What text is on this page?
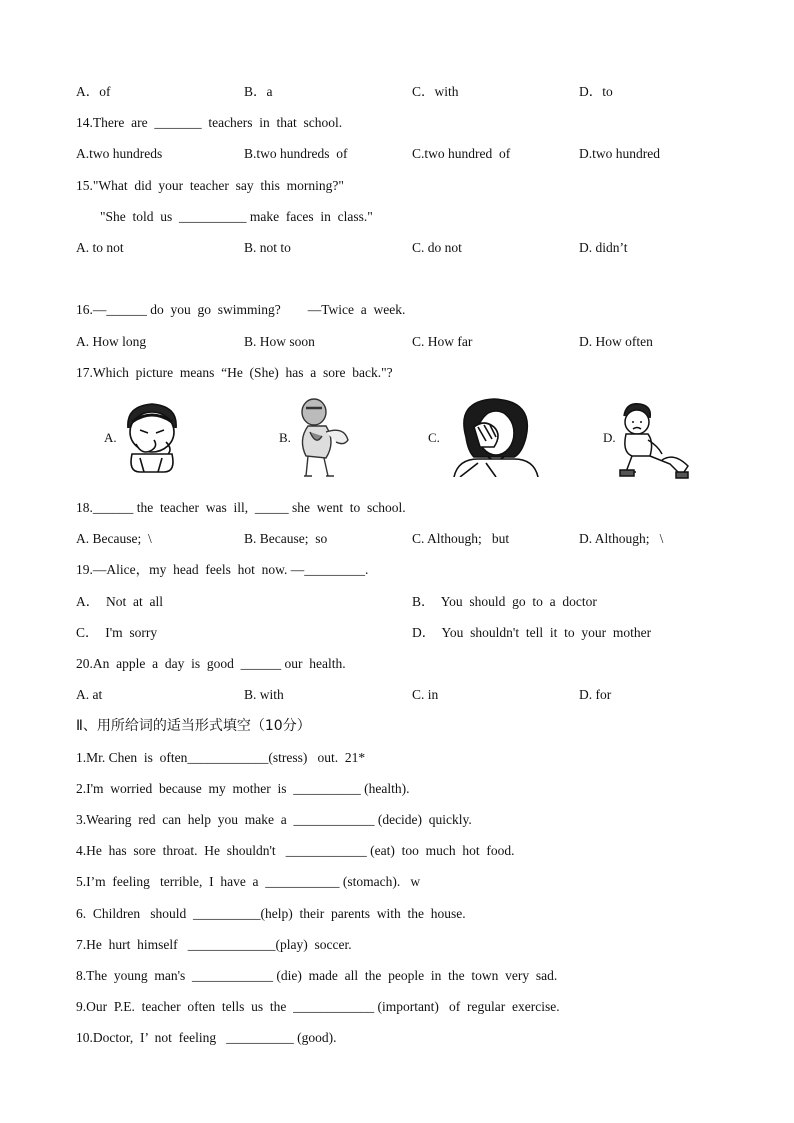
A．of	B．a	C．with	D．to
14.There  are  _______  teachers  in  that  school.
A.two hundreds	B.two hundreds  of	C.two hundred  of	D.two hundred
15."What  did  your  teacher  say  this  morning?"
"She  told  us  __________ make  faces  in  class."
A. to not	B. not to	C. do not	D. didn’t
16.—______ do  you  go  swimming?        —Twice  a  week.
A. How long	B. How soon	C. How far	D. How often
17.Which  picture  means  “He  (She)  has  a  sore  back."?
A.	B.	C.	D.
18.______ the  teacher  was  ill,  _____ she  went  to  school.
A. Because;  \	B. Because;  so	C. Although;   but	D. Although;   \
19.—Alice，my  head  feels  hot  now. —_________.
A．  Not  at  all	B．  You  should  go  to  a  doctor
C．  I'm  sorry	D．  You  shouldn't  tell  it  to  your  mother
20.An  apple  a  day  is  good  ______ our  health.
A. at	B. with	C. in	D. for
Ⅱ、用所给词的适当形式填空（10分）
1.Mr. Chen  is  often____________(stress)   out.  21*
2.I'm  worried  because  my  mother  is  __________ (health).
3.Wearing  red  can  help  you  make  a  ____________ (decide)  quickly.
4.He  has  sore  throat.  He  shouldn't   ____________ (eat)  too  much  hot  food.
5.I’m  feeling   terrible,  I  have  a  ___________ (stomach).   w
6.  Children   should  __________(help)  their  parents  with  the  house.
7.He  hurt  himself   _____________(play)  soccer.
8.The  young  man's  ____________ (die)  made  all  the  people  in  the  town  very  sad.
9.Our  P.E.  teacher  often  tells  us  the  ____________ (important)   of  regular  exercise.
10.Doctor,  I’  not  feeling   __________ (good).
